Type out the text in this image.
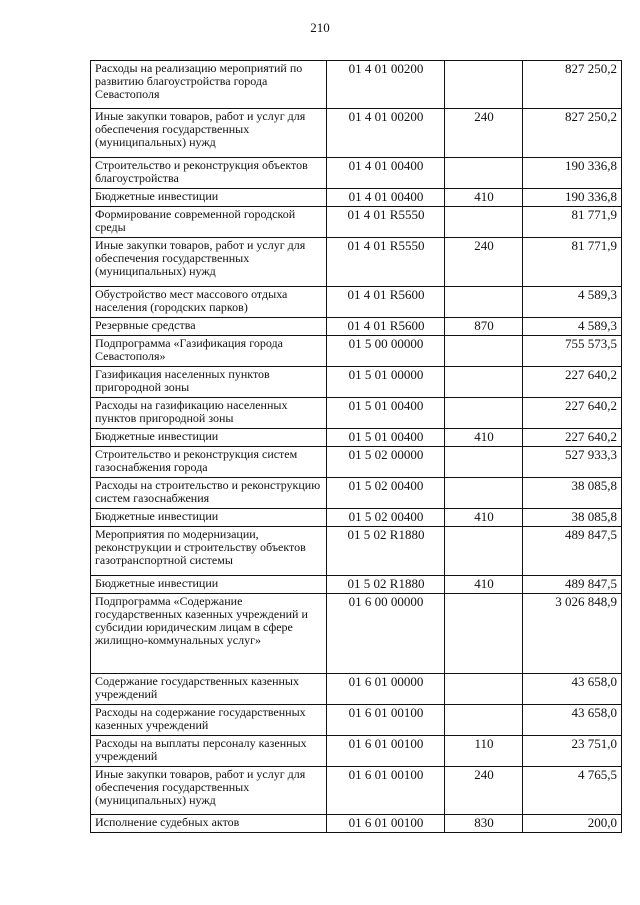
210
Расходы на реализацию мероприятий по развитию благоустройства города Севастополя	01 4 01 00200		827 250,2
Иные закупки товаров, работ и услуг для обеспечения государственных (муниципальных) нужд	01 4 01 00200	240	827 250,2
Строительство и реконструкция объектов благоустройства	01 4 01 00400		190 336,8
Бюджетные инвестиции	01 4 01 00400	410	190 336,8
Формирование современной городской среды	01 4 01 R5550		81 771,9
Иные закупки товаров, работ и услуг для обеспечения государственных (муниципальных) нужд	01 4 01 R5550	240	81 771,9
Обустройство мест массового отдыха населения (городских парков)	01 4 01 R5600		4 589,3
Резервные средства	01 4 01 R5600	870	4 589,3
Подпрограмма «Газификация города Севастополя»	01 5 00 00000		755 573,5
Газификация населенных пунктов пригородной зоны	01 5 01 00000		227 640,2
Расходы на газификацию населенных пунктов пригородной зоны	01 5 01 00400		227 640,2
Бюджетные инвестиции	01 5 01 00400	410	227 640,2
Строительство и реконструкция систем газоснабжения города	01 5 02 00000		527 933,3
Расходы на строительство и реконструкцию систем газоснабжения	01 5 02 00400		38 085,8
Бюджетные инвестиции	01 5 02 00400	410	38 085,8
Мероприятия по модернизации, реконструкции и строительству объектов газотранспортной системы	01 5 02 R1880		489 847,5
Бюджетные инвестиции	01 5 02 R1880	410	489 847,5
Подпрограмма «Содержание государственных казенных учреждений и субсидии юридическим лицам в сфере жилищно-коммунальных услуг»	01 6 00 00000		3 026 848,9
Содержание государственных казенных учреждений	01 6 01 00000		43 658,0
Расходы на содержание государственных казенных учреждений	01 6 01 00100		43 658,0
Расходы на выплаты персоналу казенных учреждений	01 6 01 00100	110	23 751,0
Иные закупки товаров, работ и услуг для обеспечения государственных (муниципальных) нужд	01 6 01 00100	240	4 765,5
Исполнение судебных актов	01 6 01 00100	830	200,0
